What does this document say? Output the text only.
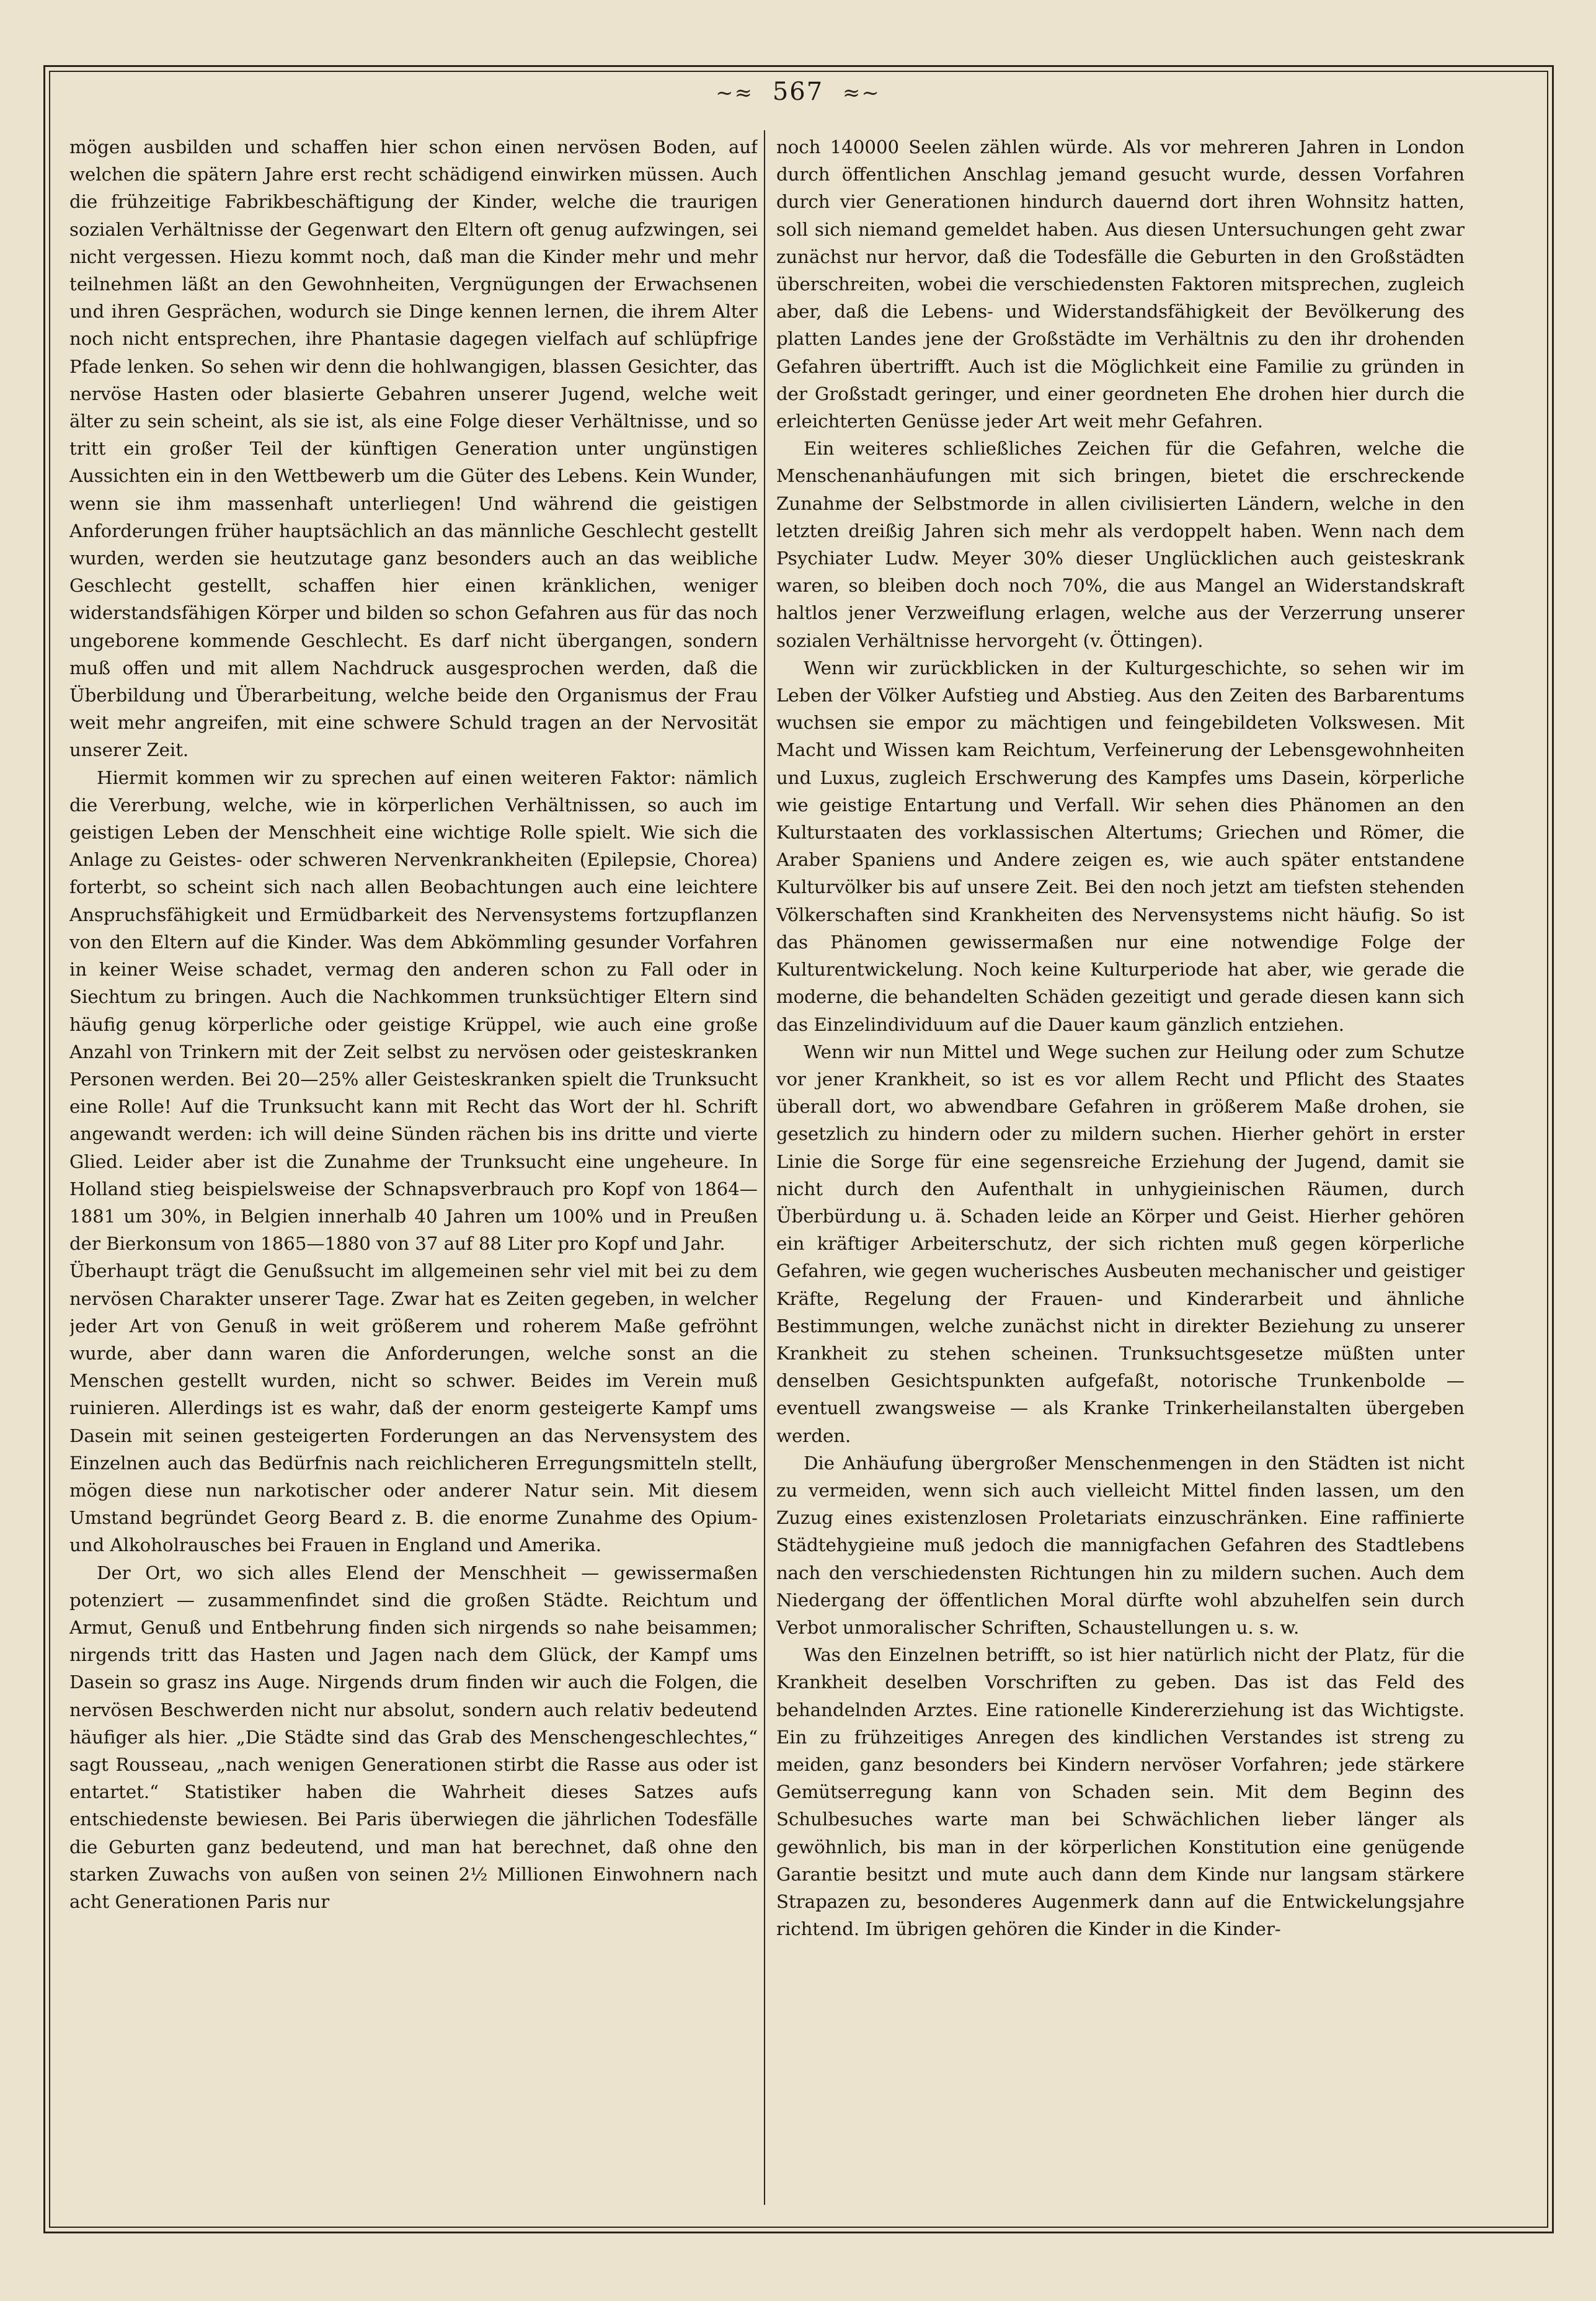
~≈ 567 ≈~

mögen ausbilden und schaffen hier schon einen nervösen Boden, auf welchen die spätern Jahre erst recht schädigend einwirken müssen. Auch die frühzeitige Fabrikbeschäftigung der Kinder, welche die traurigen sozialen Verhältnisse der Gegenwart den Eltern oft genug aufzwingen, sei nicht vergessen. Hiezu kommt noch, daß man die Kinder mehr und mehr teilnehmen läßt an den Gewohnheiten, Vergnügungen der Erwachsenen und ihren Gesprächen, wodurch sie Dinge kennen lernen, die ihrem Alter noch nicht entsprechen, ihre Phantasie dagegen vielfach auf schlüpfrige Pfade lenken. So sehen wir denn die hohlwangigen, blassen Gesichter, das nervöse Hasten oder blasierte Gebahren unserer Jugend, welche weit älter zu sein scheint, als sie ist, als eine Folge dieser Verhältnisse, und so tritt ein großer Teil der künftigen Generation unter ungünstigen Aussichten ein in den Wettbewerb um die Güter des Lebens. Kein Wunder, wenn sie ihm massenhaft unterliegen! Und während die geistigen Anforderungen früher hauptsächlich an das männliche Geschlecht gestellt wurden, werden sie heutzutage ganz besonders auch an das weibliche Geschlecht gestellt, schaffen hier einen kränklichen, weniger widerstandsfähigen Körper und bilden so schon Gefahren aus für das noch ungeborene kommende Geschlecht. Es darf nicht übergangen, sondern muß offen und mit allem Nachdruck ausgesprochen werden, daß die Überbildung und Überarbeitung, welche beide den Organismus der Frau weit mehr angreifen, mit eine schwere Schuld tragen an der Nervosität unserer Zeit.

Hiermit kommen wir zu sprechen auf einen weiteren Faktor: nämlich die Vererbung, welche, wie in körperlichen Verhältnissen, so auch im geistigen Leben der Menschheit eine wichtige Rolle spielt. Wie sich die Anlage zu Geistes- oder schweren Nervenkrankheiten (Epilepsie, Chorea) forterbt, so scheint sich nach allen Beobachtungen auch eine leichtere Anspruchsfähigkeit und Ermüdbarkeit des Nervensystems fortzupflanzen von den Eltern auf die Kinder. Was dem Abkömmling gesunder Vorfahren in keiner Weise schadet, vermag den anderen schon zu Fall oder in Siechtum zu bringen. Auch die Nachkommen trunksüchtiger Eltern sind häufig genug körperliche oder geistige Krüppel, wie auch eine große Anzahl von Trinkern mit der Zeit selbst zu nervösen oder geisteskranken Personen werden. Bei 20—25% aller Geisteskranken spielt die Trunksucht eine Rolle! Auf die Trunksucht kann mit Recht das Wort der hl. Schrift angewandt werden: ich will deine Sünden rächen bis ins dritte und vierte Glied. Leider aber ist die Zunahme der Trunksucht eine ungeheure. In Holland stieg beispielsweise der Schnapsverbrauch pro Kopf von 1864—1881 um 30%, in Belgien innerhalb 40 Jahren um 100% und in Preußen der Bierkonsum von 1865—1880 von 37 auf 88 Liter pro Kopf und Jahr.

Überhaupt trägt die Genußsucht im allgemeinen sehr viel mit bei zu dem nervösen Charakter unserer Tage. Zwar hat es Zeiten gegeben, in welcher jeder Art von Genuß in weit größerem und roherem Maße gefröhnt wurde, aber dann waren die Anforderungen, welche sonst an die Menschen gestellt wurden, nicht so schwer. Beides im Verein muß ruinieren. Allerdings ist es wahr, daß der enorm gesteigerte Kampf ums Dasein mit seinen gesteigerten Forderungen an das Nervensystem des Einzelnen auch das Bedürfnis nach reichlicheren Erregungsmitteln stellt, mögen diese nun narkotischer oder anderer Natur sein. Mit diesem Umstand begründet Georg Beard z. B. die enorme Zunahme des Opium- und Alkoholrausches bei Frauen in England und Amerika.

Der Ort, wo sich alles Elend der Menschheit — gewissermaßen potenziert — zusammenfindet sind die großen Städte. Reichtum und Armut, Genuß und Entbehrung finden sich nirgends so nahe beisammen; nirgends tritt das Hasten und Jagen nach dem Glück, der Kampf ums Dasein so grasz ins Auge. Nirgends drum finden wir auch die Folgen, die nervösen Beschwerden nicht nur absolut, sondern auch relativ bedeutend häufiger als hier. „Die Städte sind das Grab des Menschengeschlechtes,“ sagt Rousseau, „nach wenigen Generationen stirbt die Rasse aus oder ist entartet.“ Statistiker haben die Wahrheit dieses Satzes aufs entschiedenste bewiesen. Bei Paris überwiegen die jährlichen Todesfälle die Geburten ganz bedeutend, und man hat berechnet, daß ohne den starken Zuwachs von außen von seinen 2½ Millionen Einwohnern nach acht Generationen Paris nur

noch 140000 Seelen zählen würde. Als vor mehreren Jahren in London durch öffentlichen Anschlag jemand gesucht wurde, dessen Vorfahren durch vier Generationen hindurch dauernd dort ihren Wohnsitz hatten, soll sich niemand gemeldet haben. Aus diesen Untersuchungen geht zwar zunächst nur hervor, daß die Todesfälle die Geburten in den Großstädten überschreiten, wobei die verschiedensten Faktoren mitsprechen, zugleich aber, daß die Lebens- und Widerstandsfähigkeit der Bevölkerung des platten Landes jene der Großstädte im Verhältnis zu den ihr drohenden Gefahren übertrifft. Auch ist die Möglichkeit eine Familie zu gründen in der Großstadt geringer, und einer geordneten Ehe drohen hier durch die erleichterten Genüsse jeder Art weit mehr Gefahren.

Ein weiteres schließliches Zeichen für die Gefahren, welche die Menschenanhäufungen mit sich bringen, bietet die erschreckende Zunahme der Selbstmorde in allen civilisierten Ländern, welche in den letzten dreißig Jahren sich mehr als verdoppelt haben. Wenn nach dem Psychiater Ludw. Meyer 30% dieser Unglücklichen auch geisteskrank waren, so bleiben doch noch 70%, die aus Mangel an Widerstandskraft haltlos jener Verzweiflung erlagen, welche aus der Verzerrung unserer sozialen Verhältnisse hervorgeht (v. Öttingen).

Wenn wir zurückblicken in der Kulturgeschichte, so sehen wir im Leben der Völker Aufstieg und Abstieg. Aus den Zeiten des Barbarentums wuchsen sie empor zu mächtigen und feingebildeten Volkswesen. Mit Macht und Wissen kam Reichtum, Verfeinerung der Lebensgewohnheiten und Luxus, zugleich Erschwerung des Kampfes ums Dasein, körperliche wie geistige Entartung und Verfall. Wir sehen dies Phänomen an den Kulturstaaten des vorklassischen Altertums; Griechen und Römer, die Araber Spaniens und Andere zeigen es, wie auch später entstandene Kulturvölker bis auf unsere Zeit. Bei den noch jetzt am tiefsten stehenden Völkerschaften sind Krankheiten des Nervensystems nicht häufig. So ist das Phänomen gewissermaßen nur eine notwendige Folge der Kulturentwickelung. Noch keine Kulturperiode hat aber, wie gerade die moderne, die behandelten Schäden gezeitigt und gerade diesen kann sich das Einzelindividuum auf die Dauer kaum gänzlich entziehen.

Wenn wir nun Mittel und Wege suchen zur Heilung oder zum Schutze vor jener Krankheit, so ist es vor allem Recht und Pflicht des Staates überall dort, wo abwendbare Gefahren in größerem Maße drohen, sie gesetzlich zu hindern oder zu mildern suchen. Hierher gehört in erster Linie die Sorge für eine segensreiche Erziehung der Jugend, damit sie nicht durch den Aufenthalt in unhygieinischen Räumen, durch Überbürdung u. ä. Schaden leide an Körper und Geist. Hierher gehören ein kräftiger Arbeiterschutz, der sich richten muß gegen körperliche Gefahren, wie gegen wucherisches Ausbeuten mechanischer und geistiger Kräfte, Regelung der Frauen- und Kinderarbeit und ähnliche Bestimmungen, welche zunächst nicht in direkter Beziehung zu unserer Krankheit zu stehen scheinen. Trunksuchtsgesetze müßten unter denselben Gesichtspunkten aufgefaßt, notorische Trunkenbolde — eventuell zwangsweise — als Kranke Trinkerheilanstalten übergeben werden.

Die Anhäufung übergroßer Menschenmengen in den Städten ist nicht zu vermeiden, wenn sich auch vielleicht Mittel finden lassen, um den Zuzug eines existenzlosen Proletariats einzuschränken. Eine raffinierte Städtehygieine muß jedoch die mannigfachen Gefahren des Stadtlebens nach den verschiedensten Richtungen hin zu mildern suchen. Auch dem Niedergang der öffentlichen Moral dürfte wohl abzuhelfen sein durch Verbot unmoralischer Schriften, Schaustellungen u. s. w.

Was den Einzelnen betrifft, so ist hier natürlich nicht der Platz, für die Krankheit deselben Vorschriften zu geben. Das ist das Feld des behandelnden Arztes. Eine rationelle Kindererziehung ist das Wichtigste. Ein zu frühzeitiges Anregen des kindlichen Verstandes ist streng zu meiden, ganz besonders bei Kindern nervöser Vorfahren; jede stärkere Gemütserregung kann von Schaden sein. Mit dem Beginn des Schulbesuches warte man bei Schwächlichen lieber länger als gewöhnlich, bis man in der körperlichen Konstitution eine genügende Garantie besitzt und mute auch dann dem Kinde nur langsam stärkere Strapazen zu, besonderes Augenmerk dann auf die Entwickelungsjahre richtend. Im übrigen gehören die Kinder in die Kinder-
